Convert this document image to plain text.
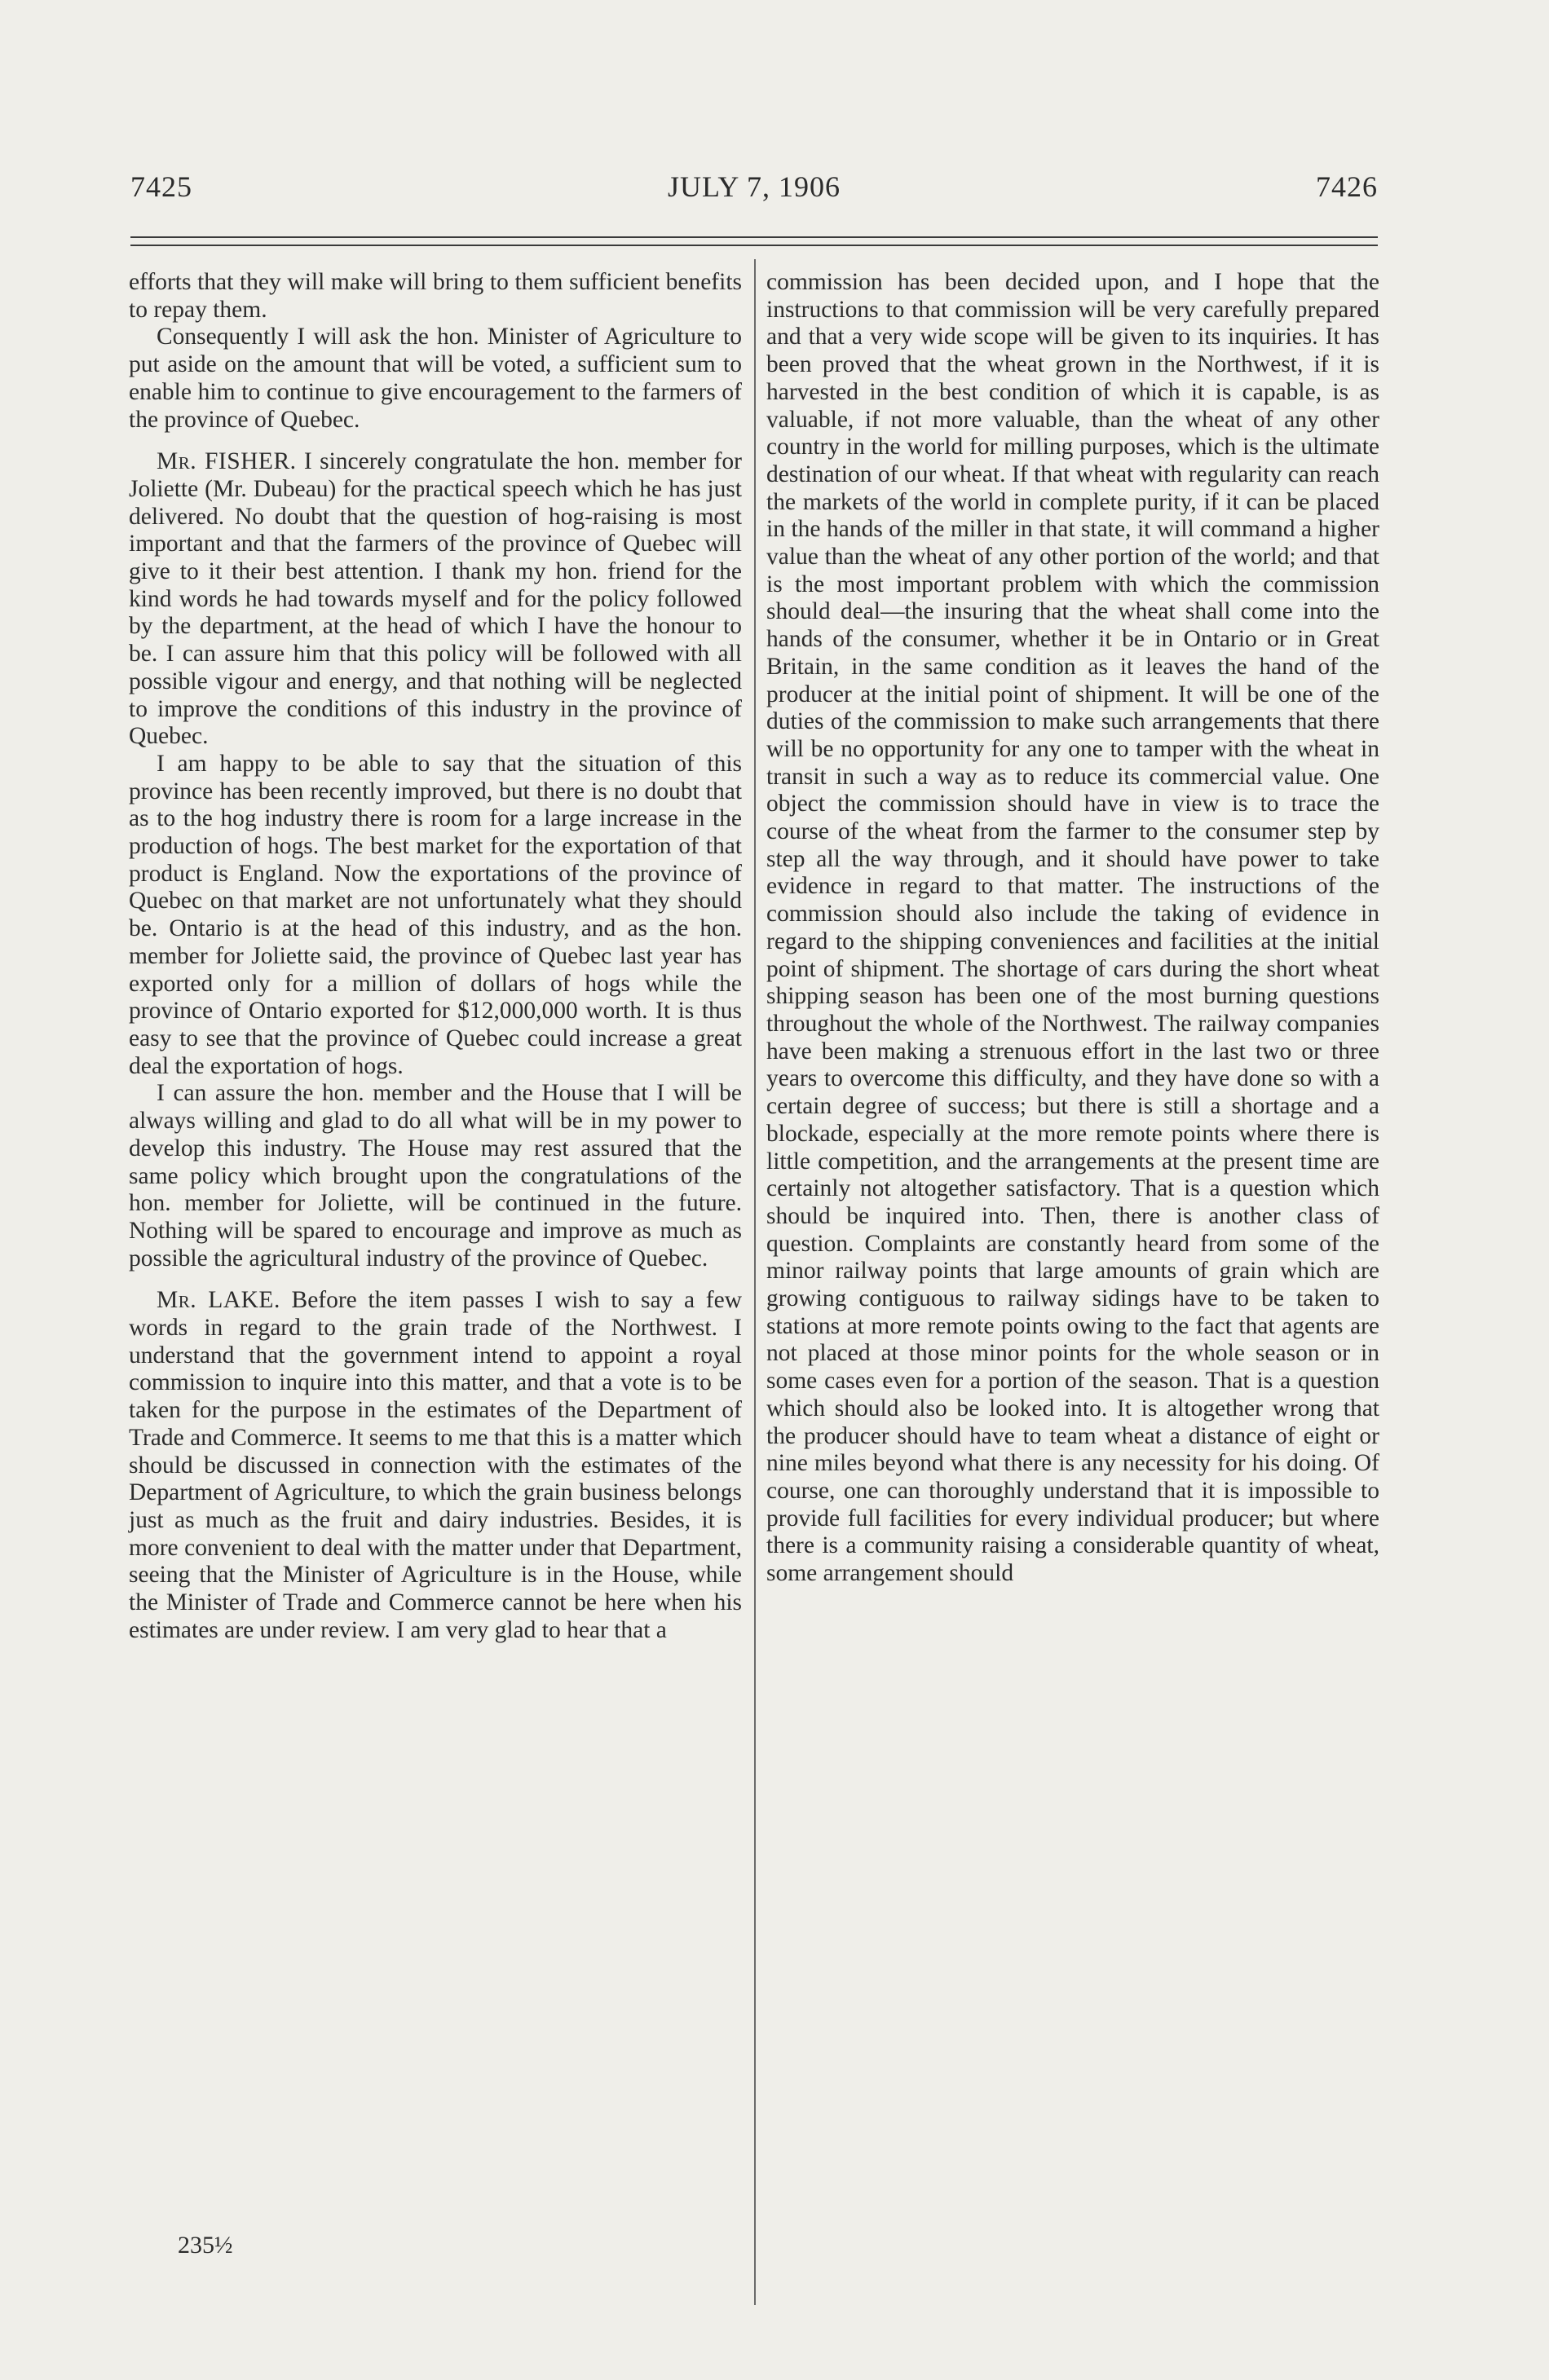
7425	JULY 7, 1906	7426

efforts that they will make will bring to them sufficient benefits to repay them.

Consequently I will ask the hon. Minister of Agriculture to put aside on the amount that will be voted, a sufficient sum to enable him to continue to give encouragement to the farmers of the province of Quebec.

Mr. FISHER. I sincerely congratulate the hon. member for Joliette (Mr. Dubeau) for the practical speech which he has just delivered. No doubt that the question of hog-raising is most important and that the farmers of the province of Quebec will give to it their best attention. I thank my hon. friend for the kind words he had towards myself and for the policy followed by the department, at the head of which I have the honour to be. I can assure him that this policy will be followed with all possible vigour and energy, and that nothing will be neglected to improve the conditions of this industry in the province of Quebec.

I am happy to be able to say that the situation of this province has been recently improved, but there is no doubt that as to the hog industry there is room for a large increase in the production of hogs. The best market for the exportation of that product is England. Now the exportations of the province of Quebec on that market are not unfortunately what they should be. Ontario is at the head of this industry, and as the hon. member for Joliette said, the province of Quebec last year has exported only for a million of dollars of hogs while the province of Ontario exported for $12,000,000 worth. It is thus easy to see that the province of Quebec could increase a great deal the exportation of hogs.

I can assure the hon. member and the House that I will be always willing and glad to do all what will be in my power to develop this industry. The House may rest assured that the same policy which brought upon the congratulations of the hon. member for Joliette, will be continued in the future. Nothing will be spared to encourage and improve as much as possible the agricultural industry of the province of Quebec.

Mr. LAKE. Before the item passes I wish to say a few words in regard to the grain trade of the Northwest. I understand that the government intend to appoint a royal commission to inquire into this matter, and that a vote is to be taken for the purpose in the estimates of the Department of Trade and Commerce. It seems to me that this is a matter which should be discussed in connection with the estimates of the Department of Agriculture, to which the grain business belongs just as much as the fruit and dairy industries. Besides, it is more convenient to deal with the matter under that Department, seeing that the Minister of Agriculture is in the House, while the Minister of Trade and Commerce cannot be here when his estimates are under review. I am very glad to hear that a

commission has been decided upon, and I hope that the instructions to that commission will be very carefully prepared and that a very wide scope will be given to its inquiries. It has been proved that the wheat grown in the Northwest, if it is harvested in the best condition of which it is capable, is as valuable, if not more valuable, than the wheat of any other country in the world for milling purposes, which is the ultimate destination of our wheat. If that wheat with regularity can reach the markets of the world in complete purity, if it can be placed in the hands of the miller in that state, it will command a higher value than the wheat of any other portion of the world; and that is the most important problem with which the commission should deal—the insuring that the wheat shall come into the hands of the consumer, whether it be in Ontario or in Great Britain, in the same condition as it leaves the hand of the producer at the initial point of shipment. It will be one of the duties of the commission to make such arrangements that there will be no opportunity for any one to tamper with the wheat in transit in such a way as to reduce its commercial value. One object the commission should have in view is to trace the course of the wheat from the farmer to the consumer step by step all the way through, and it should have power to take evidence in regard to that matter. The instructions of the commission should also include the taking of evidence in regard to the shipping conveniences and facilities at the initial point of shipment. The shortage of cars during the short wheat shipping season has been one of the most burning questions throughout the whole of the Northwest. The railway companies have been making a strenuous effort in the last two or three years to overcome this difficulty, and they have done so with a certain degree of success; but there is still a shortage and a blockade, especially at the more remote points where there is little competition, and the arrangements at the present time are certainly not altogether satisfactory. That is a question which should be inquired into. Then, there is another class of question. Complaints are constantly heard from some of the minor railway points that large amounts of grain which are growing contiguous to railway sidings have to be taken to stations at more remote points owing to the fact that agents are not placed at those minor points for the whole season or in some cases even for a portion of the season. That is a question which should also be looked into. It is altogether wrong that the producer should have to team wheat a distance of eight or nine miles beyond what there is any necessity for his doing. Of course, one can thoroughly understand that it is impossible to provide full facilities for every individual producer; but where there is a community raising a considerable quantity of wheat, some arrangement should

235½
